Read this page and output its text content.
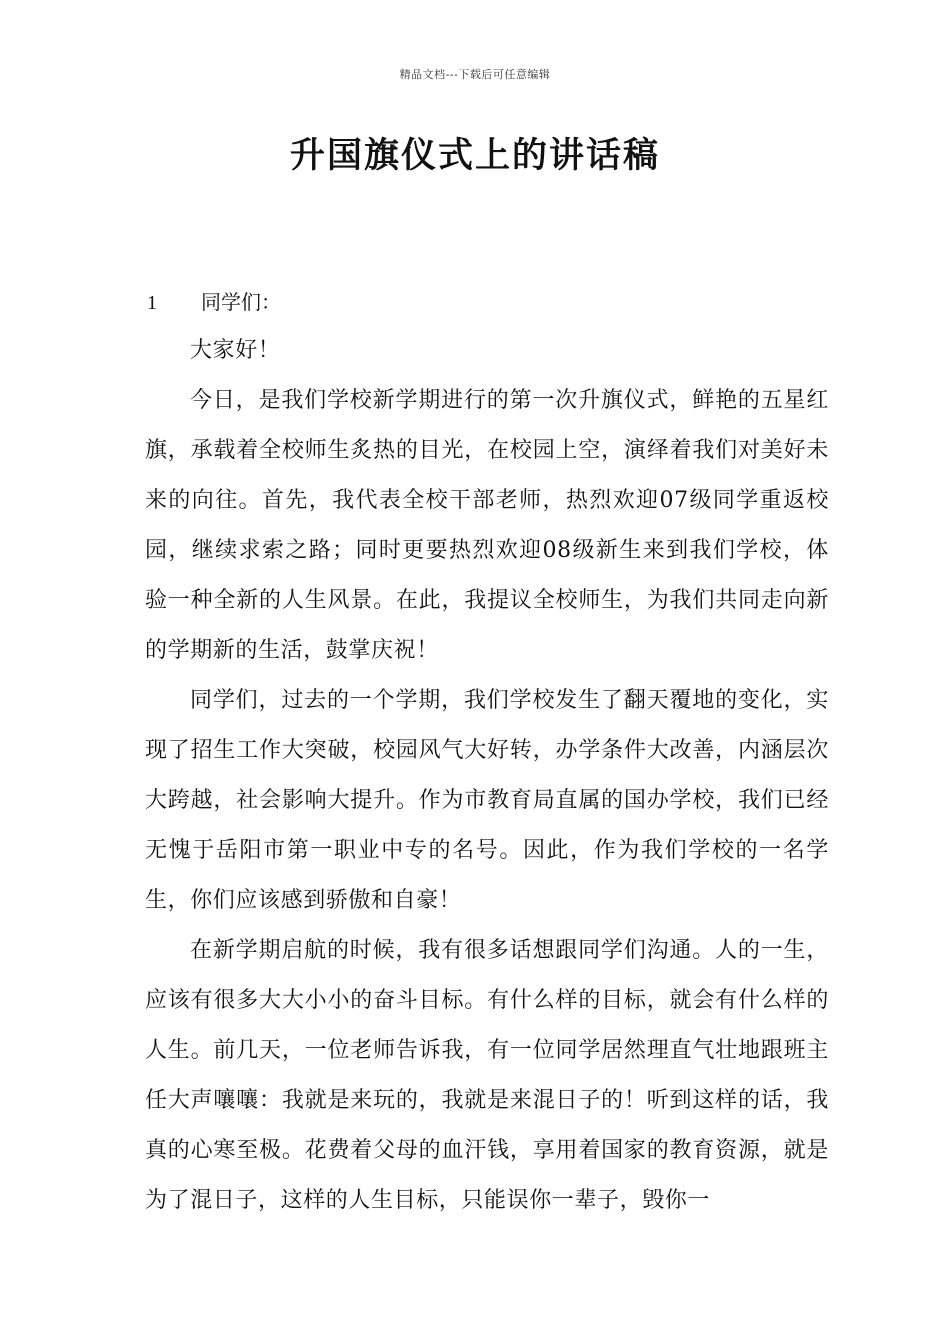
精品文档---下载后可任意编辑
升国旗仪式上的讲话稿
1 同学们：

大家好！

今日，是我们学校新学期进行的第一次升旗仪式，鲜艳的五星红旗，承载着全校师生炙热的目光，在校园上空，演绎着我们对美好未来的向往。首先，我代表全校干部老师，热烈欢迎07级同学重返校园，继续求索之路；同时更要热烈欢迎08级新生来到我们学校，体验一种全新的人生风景。在此，我提议全校师生，为我们共同走向新的学期新的生活，鼓掌庆祝！

同学们，过去的一个学期，我们学校发生了翻天覆地的变化，实现了招生工作大突破，校园风气大好转，办学条件大改善，内涵层次大跨越，社会影响大提升。作为市教育局直属的国办学校，我们已经无愧于岳阳市第一职业中专的名号。因此，作为我们学校的一名学生，你们应该感到骄傲和自豪！

在新学期启航的时候，我有很多话想跟同学们沟通。人的一生，应该有很多大大小小的奋斗目标。有什么样的目标，就会有什么样的人生。前几天，一位老师告诉我，有一位同学居然理直气壮地跟班主任大声嚷嚷：我就是来玩的，我就是来混日子的！听到这样的话，我真的心寒至极。花费着父母的血汗钱，享用着国家的教育资源，就是为了混日子，这样的人生目标，只能误你一辈子，毁你一
